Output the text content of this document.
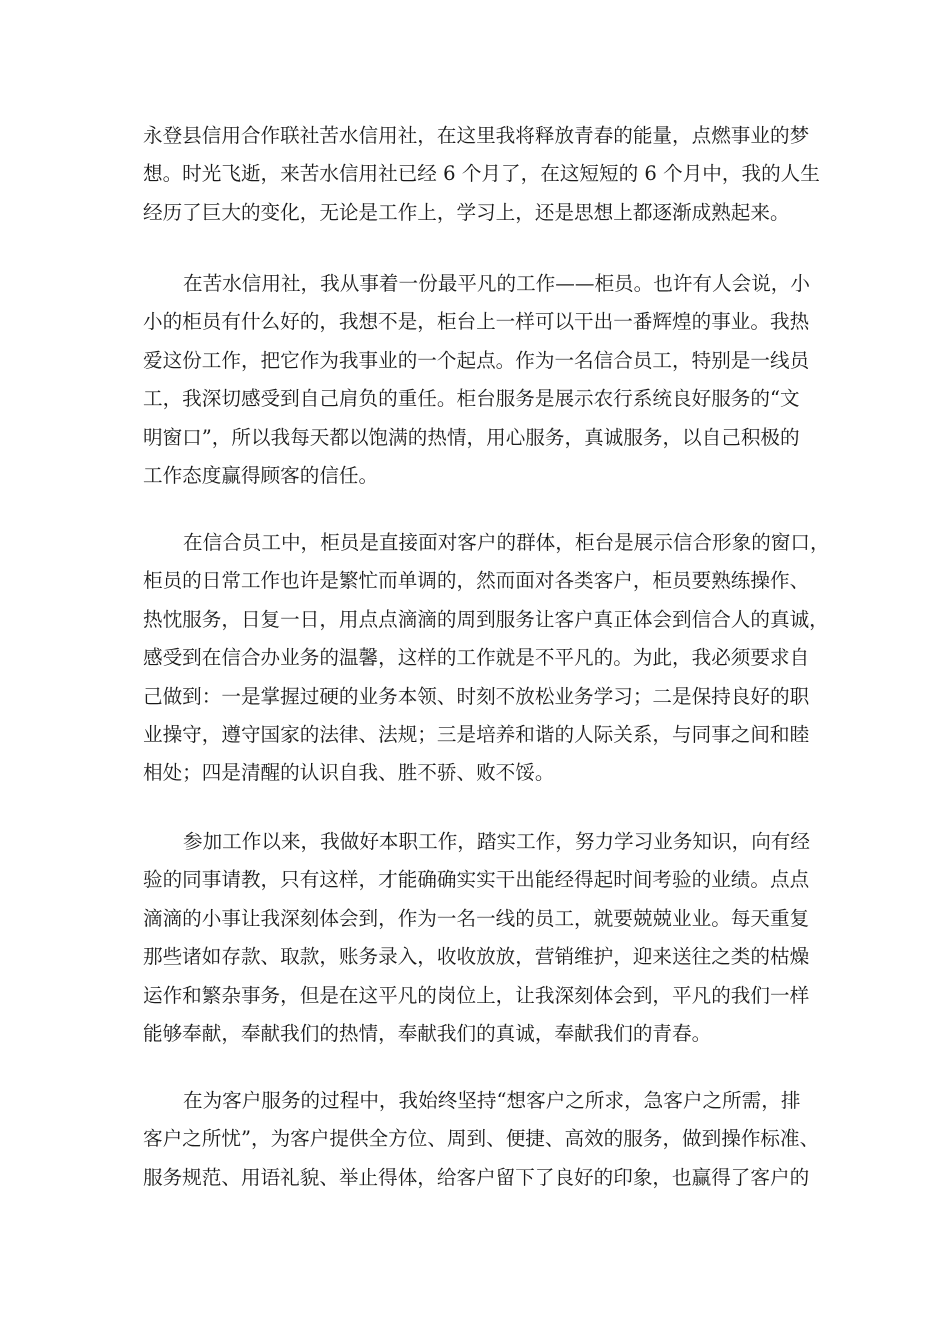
永登县信用合作联社苦水信用社，在这里我将释放青春的能量，点燃事业的梦
想。时光飞逝，来苦水信用社已经 6 个月了，在这短短的 6 个月中，我的人生
经历了巨大的变化，无论是工作上，学习上，还是思想上都逐渐成熟起来。
在苦水信用社，我从事着一份最平凡的工作——柜员。也许有人会说，小
小的柜员有什么好的，我想不是，柜台上一样可以干出一番辉煌的事业。我热
爱这份工作，把它作为我事业的一个起点。作为一名信合员工，特别是一线员
工，我深切感受到自己肩负的重任。柜台服务是展示农行系统良好服务的“文
明窗口”，所以我每天都以饱满的热情，用心服务，真诚服务，以自己积极的
工作态度赢得顾客的信任。
在信合员工中，柜员是直接面对客户的群体，柜台是展示信合形象的窗口，
柜员的日常工作也许是繁忙而单调的，然而面对各类客户，柜员要熟练操作、
热忱服务，日复一日，用点点滴滴的周到服务让客户真正体会到信合人的真诚，
感受到在信合办业务的温馨，这样的工作就是不平凡的。为此，我必须要求自
己做到：一是掌握过硬的业务本领、时刻不放松业务学习；二是保持良好的职
业操守，遵守国家的法律、法规；三是培养和谐的人际关系，与同事之间和睦
相处；四是清醒的认识自我、胜不骄、败不馁。
参加工作以来，我做好本职工作，踏实工作，努力学习业务知识，向有经
验的同事请教，只有这样，才能确确实实干出能经得起时间考验的业绩。点点
滴滴的小事让我深刻体会到，作为一名一线的员工，就要兢兢业业。每天重复
那些诸如存款、取款，账务录入，收收放放，营销维护，迎来送往之类的枯燥
运作和繁杂事务，但是在这平凡的岗位上，让我深刻体会到，平凡的我们一样
能够奉献，奉献我们的热情，奉献我们的真诚，奉献我们的青春。
在为客户服务的过程中，我始终坚持“想客户之所求，急客户之所需，排
客户之所忧”，为客户提供全方位、周到、便捷、高效的服务，做到操作标准、
服务规范、用语礼貌、举止得体，给客户留下了良好的印象，也赢得了客户的
